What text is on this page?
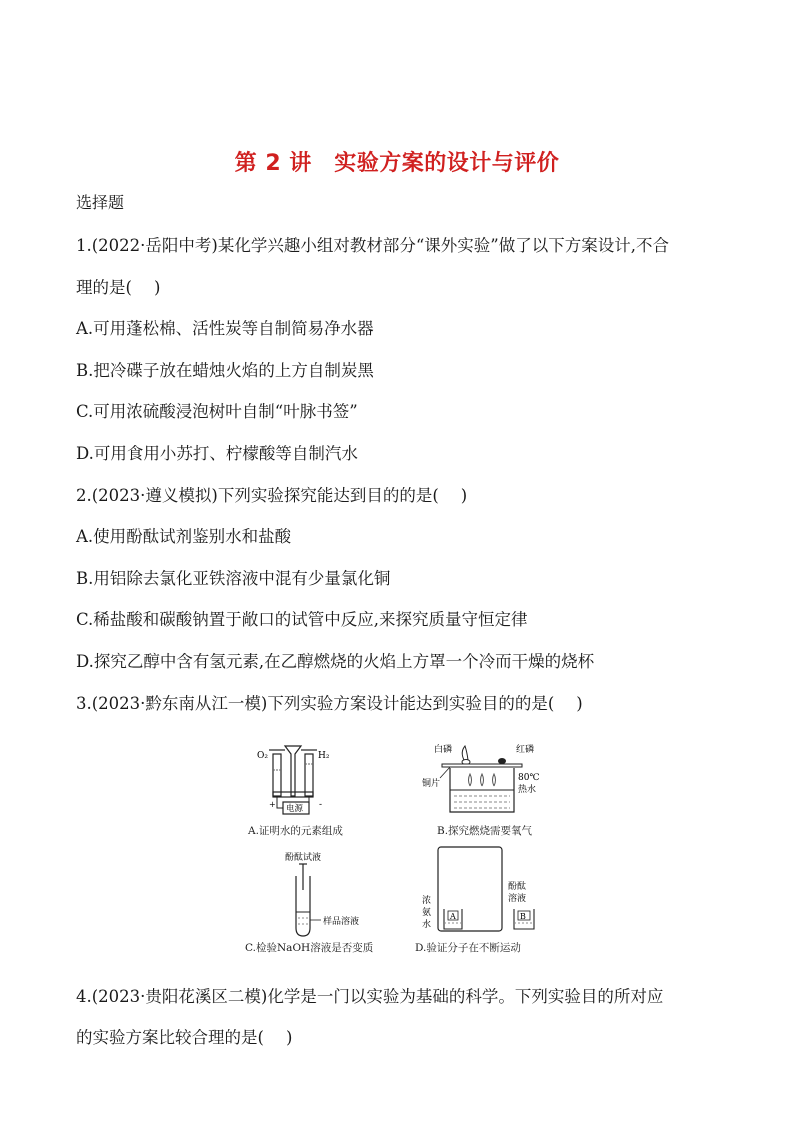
第 2 讲　实验方案的设计与评价
选择题
1.(2022·岳阳中考)某化学兴趣小组对教材部分“课外实验”做了以下方案设计,不合
理的是( )
A.可用蓬松棉、活性炭等自制简易净水器
B.把冷碟子放在蜡烛火焰的上方自制炭黑
C.可用浓硫酸浸泡树叶自制“叶脉书签”
D.可用食用小苏打、柠檬酸等自制汽水
2.(2023·遵义模拟)下列实验探究能达到目的的是( )
A.使用酚酞试剂鉴别水和盐酸
B.用铝除去氯化亚铁溶液中混有少量氯化铜
C.稀盐酸和碳酸钠置于敞口的试管中反应,来探究质量守恒定律
D.探究乙醇中含有氢元素,在乙醇燃烧的火焰上方罩一个冷而干燥的烧杯
3.(2023·黔东南从江一模)下列实验方案设计能达到实验目的的是( )
O₂	H₂
电源
+	-
A.证明水的元素组成
白磷	红磷
80℃
热水
铜片
B.探究燃烧需要氧气
酚酞试液
样品溶液
C.检验NaOH溶液是否变质
A	B
浓
氨
水
酚酞
溶液
D.验证分子在不断运动
4.(2023·贵阳花溪区二模)化学是一门以实验为基础的科学。下列实验目的所对应
的实验方案比较合理的是( )
